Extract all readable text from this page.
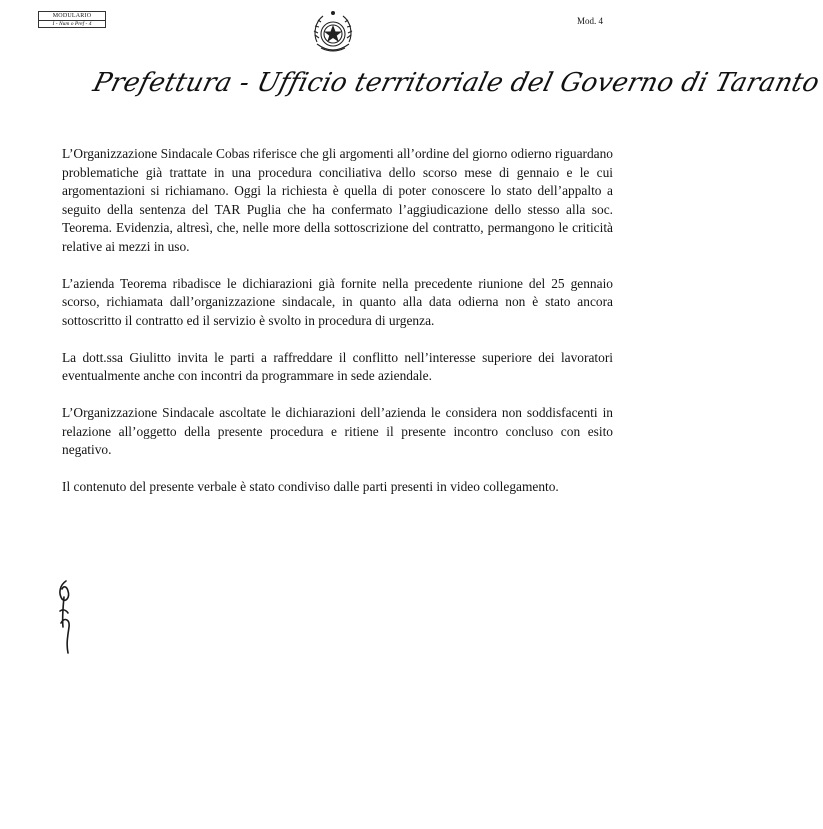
MODULARIO
I - Num o Pref - 4	Mod. 4
Prefettura - Ufficio territoriale del Governo di Taranto

L’Organizzazione Sindacale Cobas riferisce che gli argomenti all’ordine del giorno odierno riguardano problematiche già trattate in una procedura conciliativa dello scorso mese di gennaio e le cui argomentazioni si richiamano. Oggi la richiesta è quella di poter conoscere lo stato dell’appalto a seguito della sentenza del TAR Puglia che ha confermato l’aggiudicazione dello stesso alla soc. Teorema. Evidenzia, altresì, che, nelle more della sottoscrizione del contratto, permangono le criticità relative ai mezzi in uso.

L’azienda Teorema ribadisce le dichiarazioni già fornite nella precedente riunione del 25 gennaio scorso, richiamata dall’organizzazione sindacale, in quanto alla data odierna non è stato ancora sottoscritto il contratto ed il servizio è svolto in procedura di urgenza.

La dott.ssa Giulitto invita le parti a raffreddare il conflitto nell’interesse superiore dei lavoratori eventualmente anche con incontri da programmare in sede aziendale.

L’Organizzazione Sindacale ascoltate le dichiarazioni dell’azienda le considera non soddisfacenti in relazione all’oggetto della presente procedura e ritiene il presente incontro concluso con esito negativo.

Il contenuto del presente verbale è stato condiviso dalle parti presenti in video collegamento.
